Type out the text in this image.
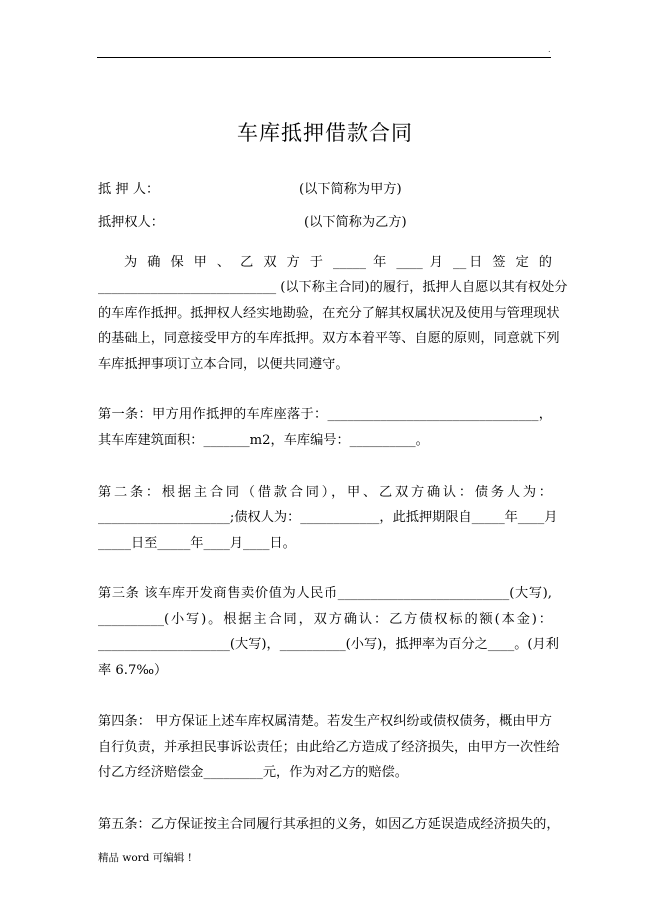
.
车库抵押借款合同
抵 押 人：	(以下简称为甲方)
抵押权人：	(以下简称为乙方)
为 确 保 甲 、 乙 双 方 于 _____ 年 ____ 月 __日 签 定 的
___________________________ (以下称主合同)的履行，抵押人自愿以其有权处分
的车库作抵押。抵押权人经实地勘验，在充分了解其权属状况及使用与管理现状
的基础上，同意接受甲方的车库抵押。双方本着平等、自愿的原则，同意就下列
车库抵押事项订立本合同，以便共同遵守。
第一条：甲方用作抵押的车库座落于：________________________________，
其车库建筑面积：_______m2，车库编号：__________。
第二条：根据主合同（借款合同），甲、乙双方确认：债务人为：
____________________;债权人为：____________，此抵押期限自_____年____月
_____日至_____年____月____日。
第三条 该车库开发商售卖价值为人民币__________________________(大写),
__________(小写)。根据主合同，双方确认：乙方债权标的额(本金)：
____________________(大写)，__________(小写)，抵押率为百分之____。(月利
率 6.7‰）
第四条： 甲方保证上述车库权属清楚。若发生产权纠纷或债权债务，概由甲方
自行负责，并承担民事诉讼责任；由此给乙方造成了经济损失，由甲方一次性给
付乙方经济赔偿金_________元，作为对乙方的赔偿。
第五条：乙方保证按主合同履行其承担的义务，如因乙方延误造成经济损失的，
精品 word 可编辑 !
